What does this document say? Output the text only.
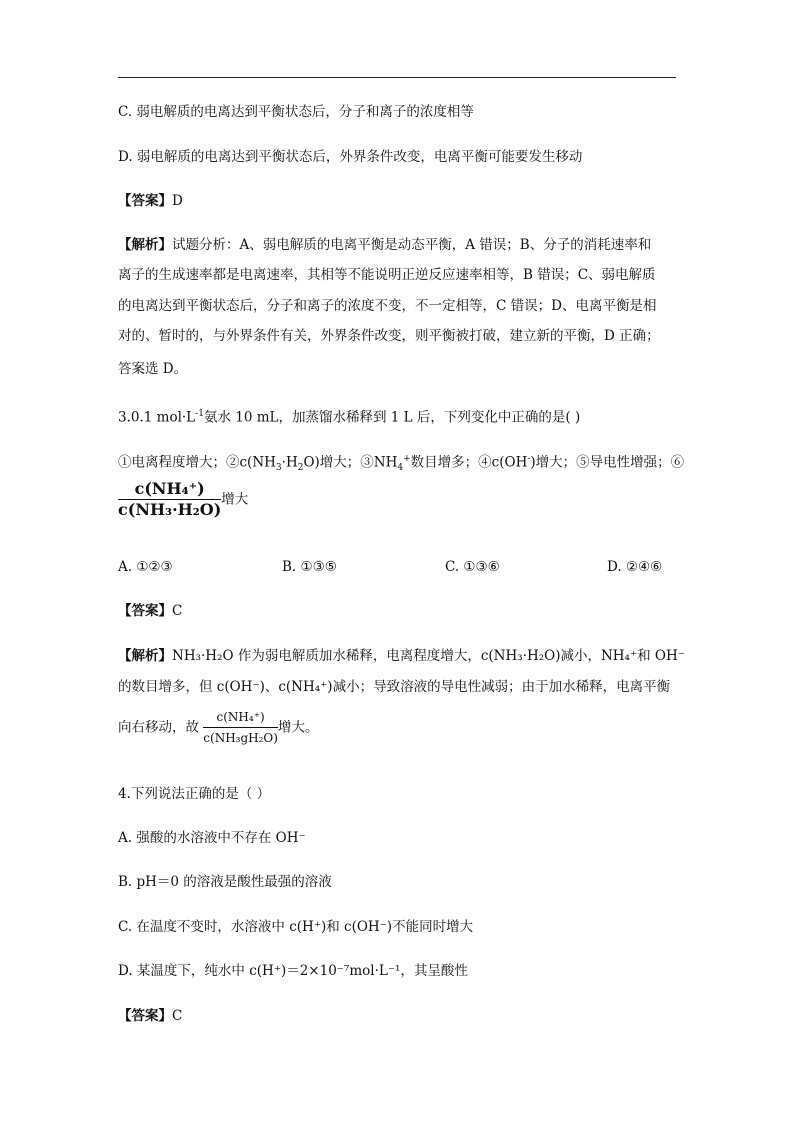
C. 弱电解质的电离达到平衡状态后，分子和离子的浓度相等
D. 弱电解质的电离达到平衡状态后，外界条件改变，电离平衡可能要发生移动
【答案】D
【解析】试题分析：A、弱电解质的电离平衡是动态平衡，A 错误；B、分子的消耗速率和
离子的生成速率都是电离速率，其相等不能说明正逆反应速率相等，B 错误；C、弱电解质
的电离达到平衡状态后，分子和离子的浓度不变，不一定相等，C 错误；D、电离平衡是相
对的、暂时的，与外界条件有关，外界条件改变，则平衡被打破，建立新的平衡，D 正确；
答案选 D。
3.0.1 $mol\cdot L^{-1}$氨水 10 mL，加蒸馏水稀释到 1 L 后，下列变化中正确的是( )
①电离程度增大；$②c(NH_3\cdot H_2O)$增大；$③NH_4^+$数目增多；④c(OH-)增大；⑤导电性增强；⑥
$\frac{\text{c(NH₄⁺)}}{\text{c(NH₃·H₂O)}}$ 增大
A. ①②③	B. ①③⑤	C. ①③⑥	D. ②④⑥
【答案】C
【解析】NH₃·H₂O 作为弱电解质加水稀释，电离程度增大，c(NH₃·H₂O)减小，NH₄⁺和 OH⁻
的数目增多，但 c(OH⁻)、c(NH₄⁺)减小；导致溶液的导电性减弱；由于加水稀释，电离平衡
向右移动，故 $\frac{\text{c(NH₄⁺)}}{\text{c(NH₃gH₂O)}}$ 增大。
4.下列说法正确的是（ ）
A. 强酸的水溶液中不存在 OH⁻
B. pH＝0 的溶液是酸性最强的溶液
C. 在温度不变时，水溶液中 c(H⁺)和 c(OH⁻)不能同时增大
D. 某温度下，纯水中 c(H⁺)＝2×10⁻⁷mol·L⁻¹，其呈酸性
【答案】C
